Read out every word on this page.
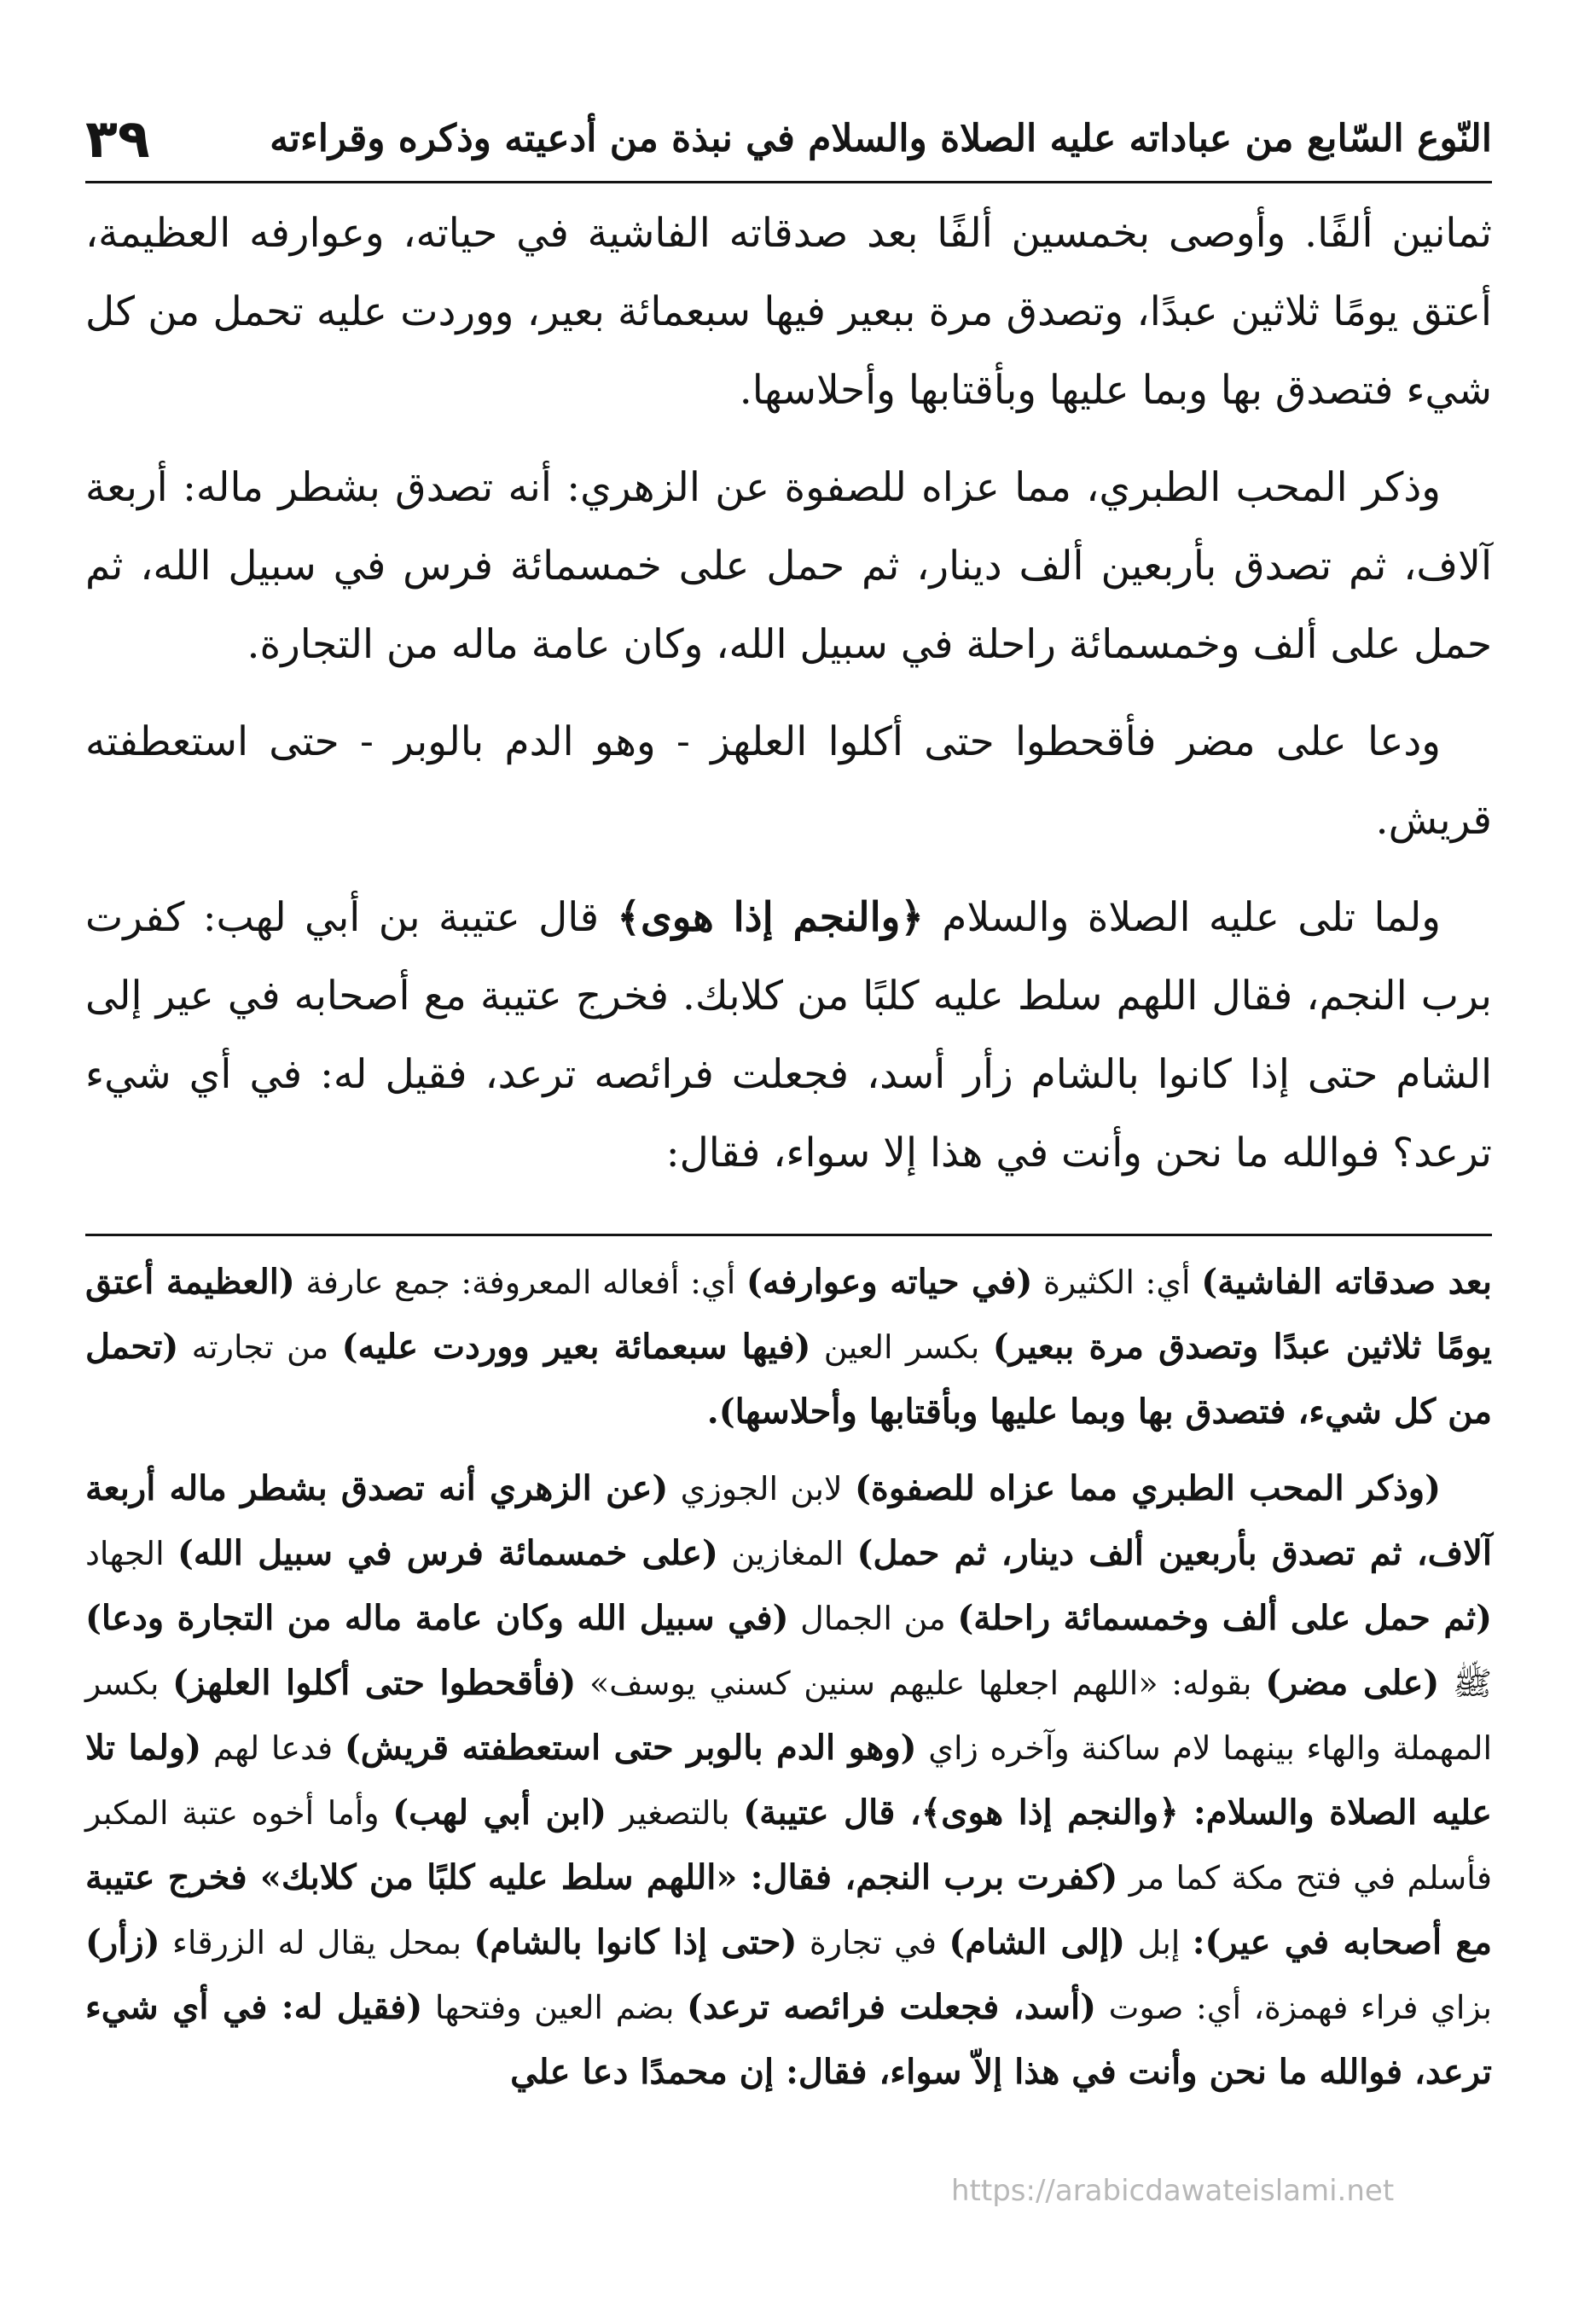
٣٩	النّوع السّابع من عباداته عليه الصلاة والسلام في نبذة من أدعيته وذكره وقراءته

ثمانين ألفًا. وأوصى بخمسين ألفًا بعد صدقاته الفاشية في حياته، وعوارفه العظيمة، أعتق يومًا ثلاثين عبدًا، وتصدق مرة ببعير فيها سبعمائة بعير، ووردت عليه تحمل من كل شيء فتصدق بها وبما عليها وبأقتابها وأحلاسها.

وذكر المحب الطبري، مما عزاه للصفوة عن الزهري: أنه تصدق بشطر ماله: أربعة آلاف، ثم تصدق بأربعين ألف دينار، ثم حمل على خمسمائة فرس في سبيل الله، ثم حمل على ألف وخمسمائة راحلة في سبيل الله، وكان عامة ماله من التجارة.

ودعا على مضر فأقحطوا حتى أكلوا العلهز - وهو الدم بالوبر - حتى استعطفته قريش.

ولما تلى عليه الصلاة والسلام ﴿والنجم إذا هوى﴾ قال عتيبة بن أبي لهب: كفرت برب النجم، فقال اللهم سلط عليه كلبًا من كلابك. فخرج عتيبة مع أصحابه في عير إلى الشام حتى إذا كانوا بالشام زأر أسد، فجعلت فرائصه ترعد، فقيل له: في أي شيء ترعد؟ فوالله ما نحن وأنت في هذا إلا سواء، فقال:

بعد صدقاته الفاشية) أي: الكثيرة (في حياته وعوارفه) أي: أفعاله المعروفة: جمع عارفة (العظيمة أعتق يومًا ثلاثين عبدًا وتصدق مرة ببعير) بكسر العين (فيها سبعمائة بعير ووردت عليه) من تجارته (تحمل من كل شيء، فتصدق بها وبما عليها وبأقتابها وأحلاسها).

(وذكر المحب الطبري مما عزاه للصفوة) لابن الجوزي (عن الزهري أنه تصدق بشطر ماله أربعة آلاف، ثم تصدق بأربعين ألف دينار، ثم حمل) المغازين (على خمسمائة فرس في سبيل الله) الجهاد (ثم حمل على ألف وخمسمائة راحلة) من الجمال (في سبيل الله وكان عامة ماله من التجارة ودعا) ﷺ (على مضر) بقوله: «اللهم اجعلها عليهم سنين كسني يوسف» (فأقحطوا حتى أكلوا العلهز) بكسر المهملة والهاء بينهما لام ساكنة وآخره زاي (وهو الدم بالوبر حتى استعطفته قريش) فدعا لهم (ولما تلا عليه الصلاة والسلام: ﴿والنجم إذا هوى﴾، قال عتيبة) بالتصغير (ابن أبي لهب) وأما أخوه عتبة المكبر فأسلم في فتح مكة كما مر (كفرت برب النجم، فقال: «اللهم سلط عليه كلبًا من كلابك» فخرج عتيبة مع أصحابه في عير): إبل (إلى الشام) في تجارة (حتى إذا كانوا بالشام) بمحل يقال له الزرقاء (زأر) بزاي فراء فهمزة، أي: صوت (أسد، فجعلت فرائصه ترعد) بضم العين وفتحها (فقيل له: في أي شيء ترعد، فوالله ما نحن وأنت في هذا إلاّ سواء، فقال: إن محمدًا دعا علي

https://arabicdawateislami.net
